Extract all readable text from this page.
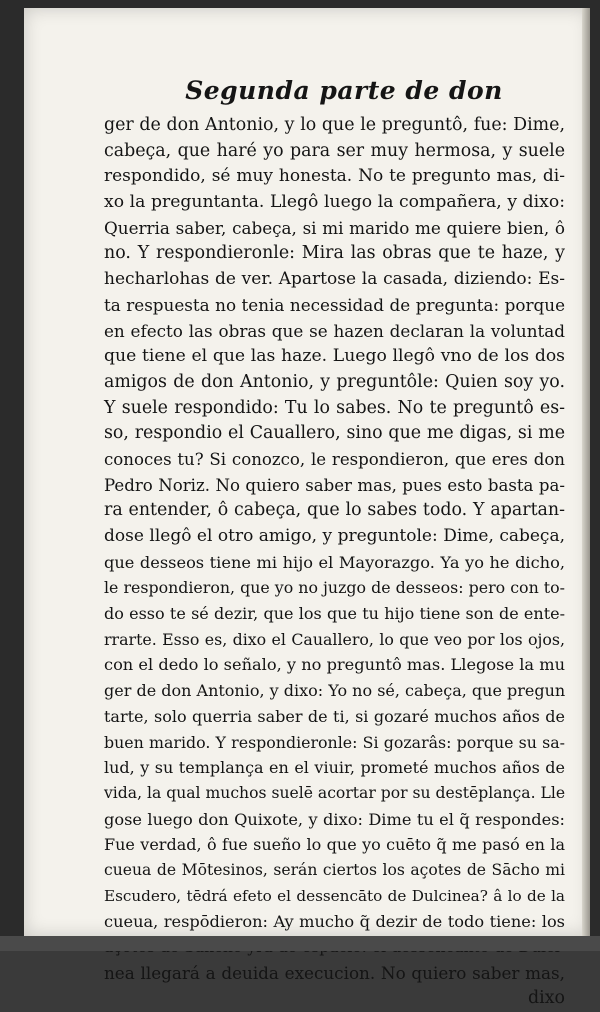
Segunda parte de don
ger de don Antonio, y lo que le preguntô, fue: Dime,
cabeça, que haré yo para ser muy hermosa, y suele
respondido, sé muy honesta. No te pregunto mas, di-
xo la preguntanta. Llegô luego la compañera, y dixo:
Querria saber, cabeça, si mi marido me quiere bien, ô
no. Y respondieronle: Mira las obras que te haze, y
hecharlohas de ver. Apartose la casada, diziendo: Es-
ta respuesta no tenia necessidad de pregunta: porque
en efecto las obras que se hazen declaran la voluntad
que tiene el que las haze. Luego llegô vno de los dos
amigos de don Antonio, y preguntôle: Quien soy yo.
Y suele respondido: Tu lo sabes. No te preguntô es-
so, respondio el Cauallero, sino que me digas, si me
conoces tu? Si conozco, le respondieron, que eres don
Pedro Noriz. No quiero saber mas, pues esto basta pa-
ra entender, ô cabeça, que lo sabes todo. Y apartan-
dose llegô el otro amigo, y preguntole: Dime, cabeça,
que dessеos tiene mi hijo el Mayorazgo. Ya yo he dicho,
le respondieron, que yo no juzgo de dessеos: pero con to-
do esso te sé dezir, que los que tu hijo tiene son de ente-
rrarte. Esso es, dixo el Cauallero, lo que veo por los ojos,
con el dedo lo señalo, y no preguntô mas. Llegose la mu
ger de don Antonio, y dixo: Yo no sé, cabeça, que pregun
tarte, solo querria saber de ti, si gozaré muchos años de
buen marido. Y respondieronle: Si gozarâs: porque su sa-
lud, y su templança en el viuir, prometé muchos años de
vida, la qual muchos suelē acortar por su destēplança. Lle
gose luego don Quixote, y dixo: Dime tu el q̃ respondes:
Fue verdad, ô fue sueño lo que yo cuēto q̃ me pasó en la
cueua de Mōtesinos, serán ciertos los açotes de Sācho mi
Escudero, tēdrá efeto el dessencāto de Dulcinea? â lo de la
cueua, respōdieron: Ay mucho q̃ dezir de todo tiene: los
nea llegará a deuida execucion. No quiero saber mas,
dixo
